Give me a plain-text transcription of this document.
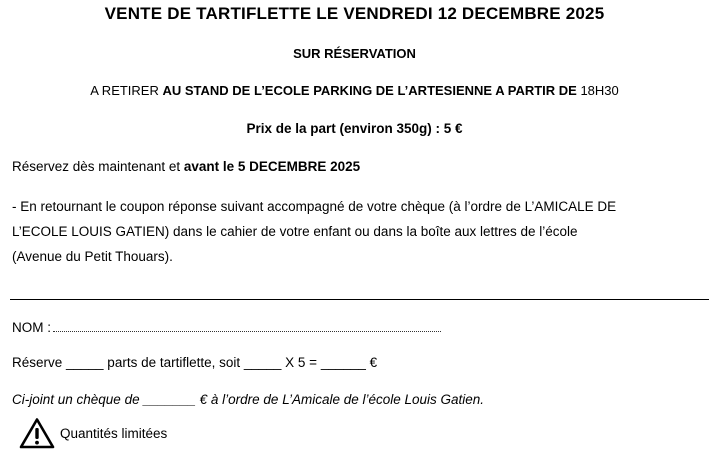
VENTE DE TARTIFLETTE LE VENDREDI 12 DECEMBRE 2025
SUR RÉSERVATION
A RETIRER AU STAND DE L’ECOLE PARKING DE L’ARTESIENNE A PARTIR DE 18H30
Prix de la part (environ 350g) : 5 €
Réservez dès maintenant et avant le 5 DECEMBRE 2025
- En retournant le coupon réponse suivant accompagné de votre chèque (à l’ordre de L’AMICALE DE
L’ECOLE LOUIS GATIEN) dans le cahier de votre enfant ou dans la boîte aux lettres de l’école
(Avenue du Petit Thouars).
NOM :
Réserve _____ parts de tartiflette, soit _____ X 5 = ______ €
Ci-joint un chèque de _______ € à l’ordre de L’Amicale de l’école Louis Gatien.
Quantités limitées
